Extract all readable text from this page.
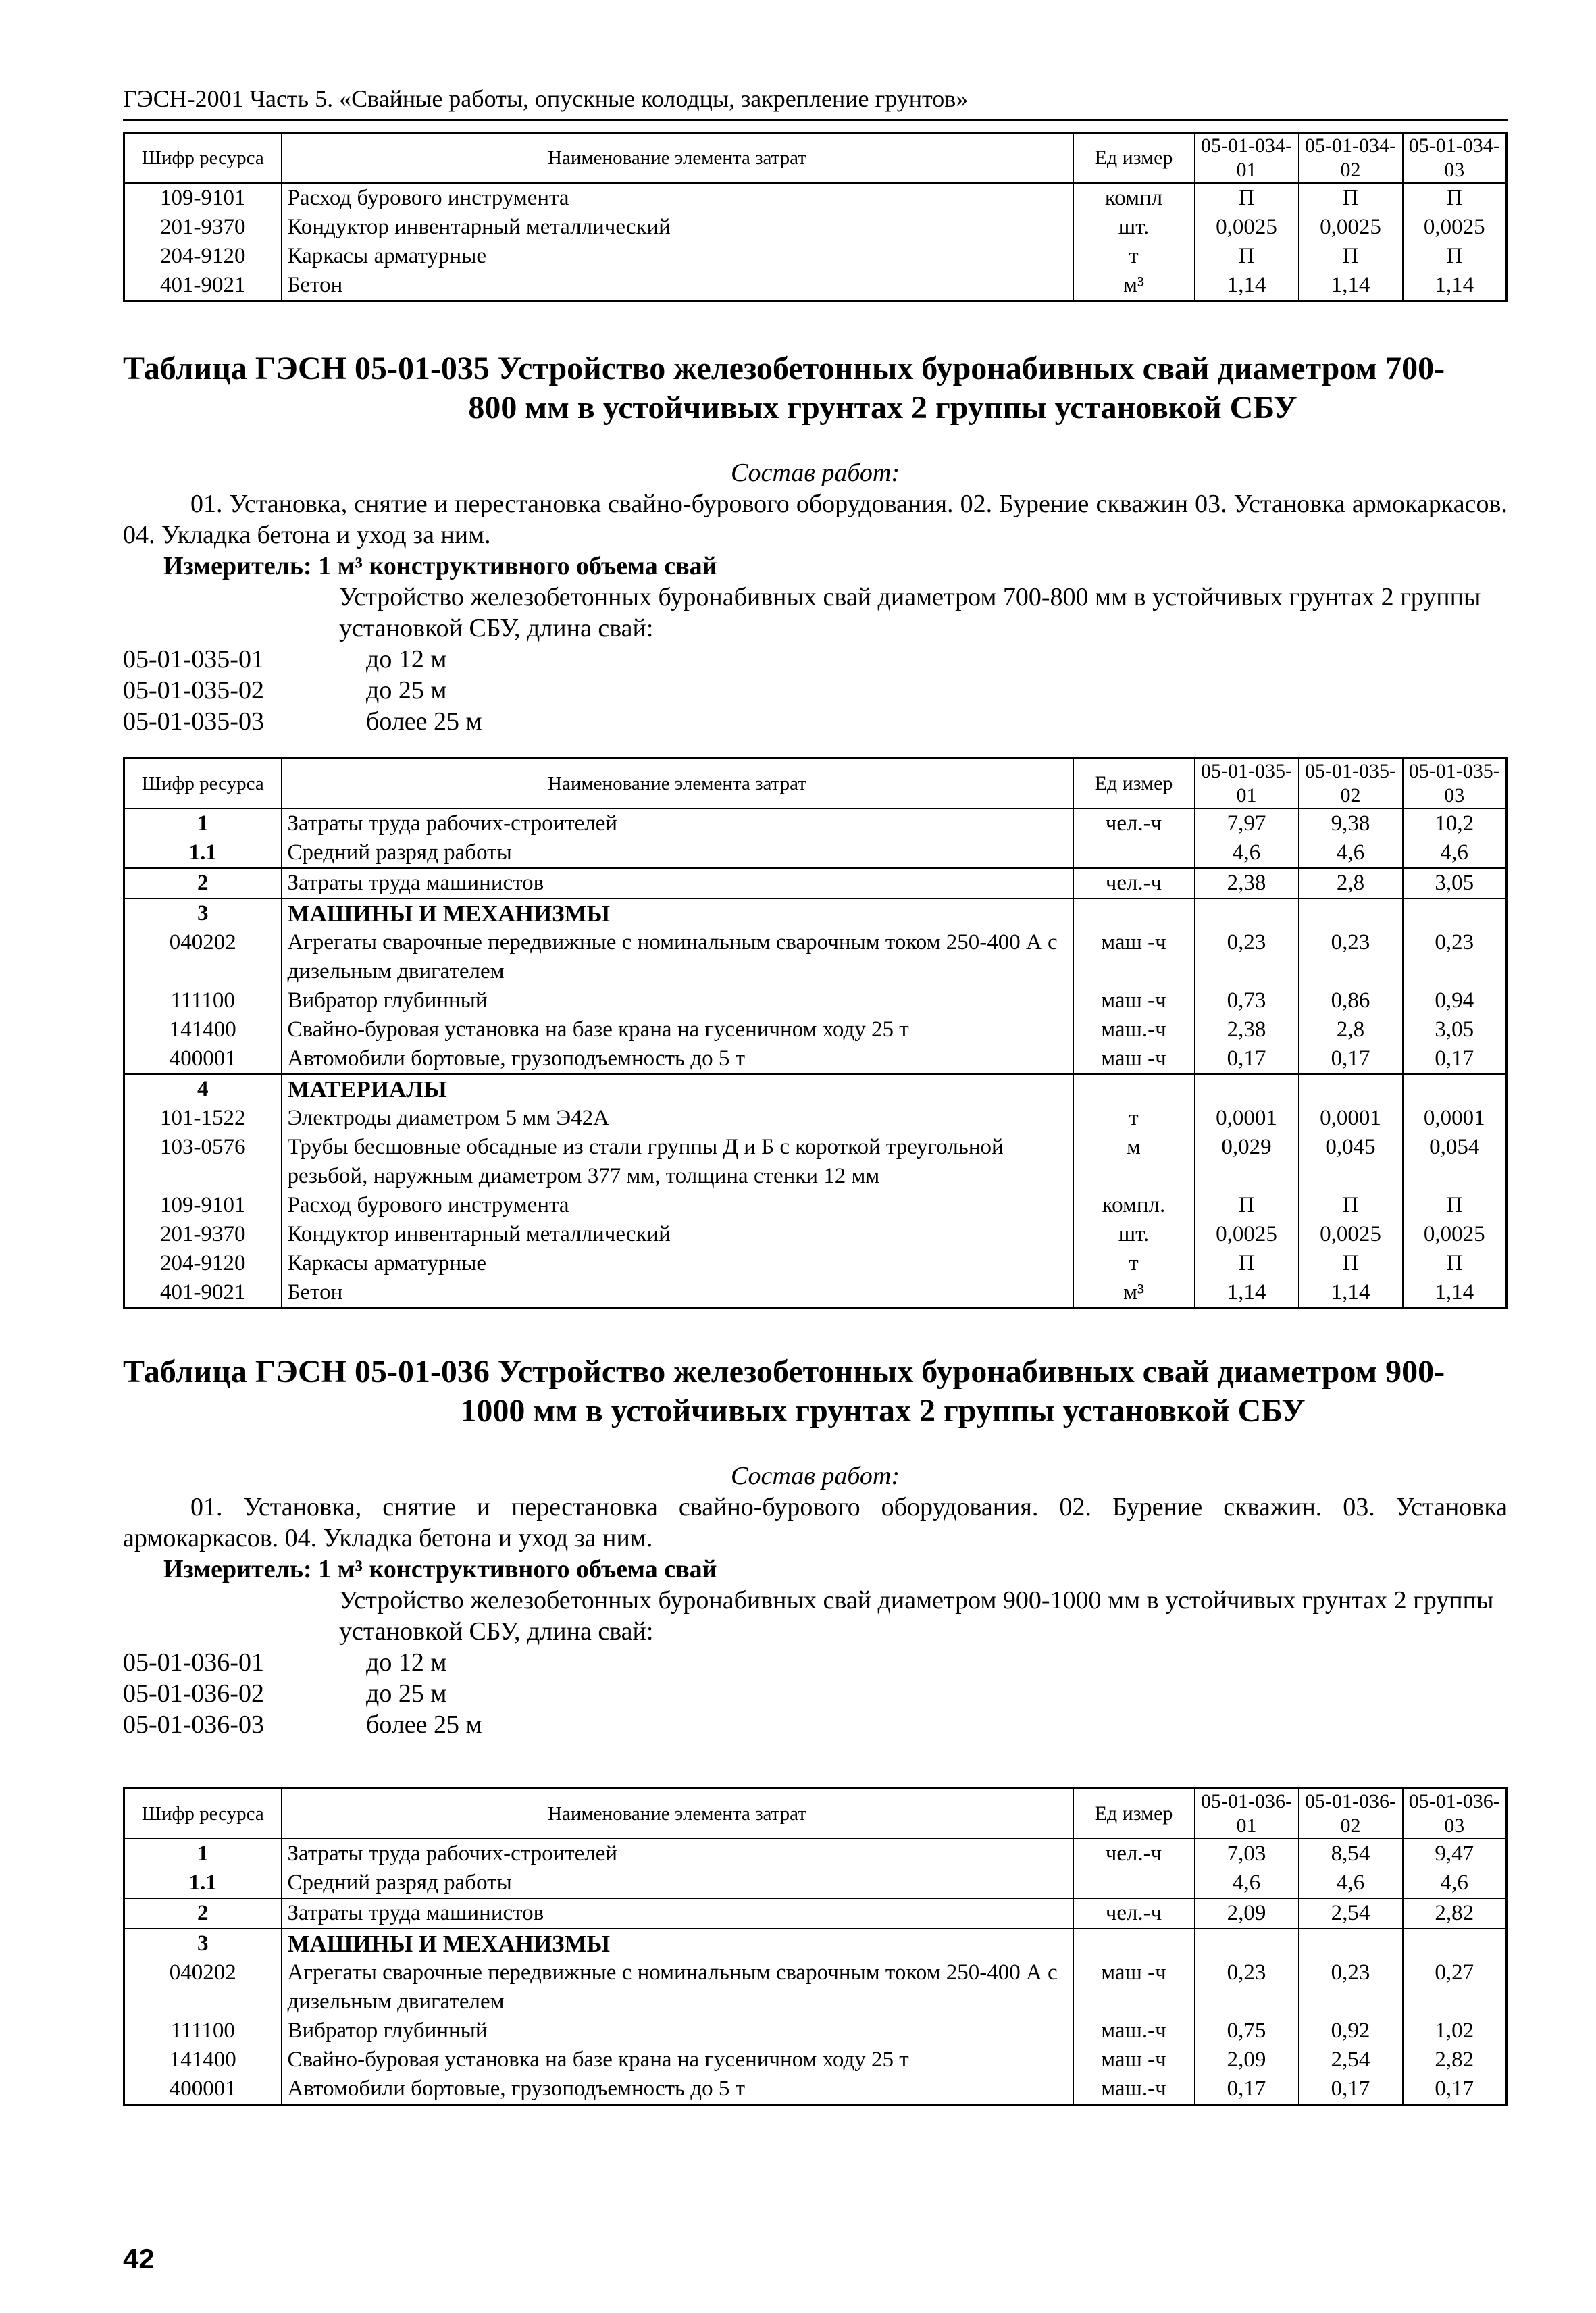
ГЭСН-2001 Часть 5. «Свайные работы, опускные колодцы, закрепление грунтов»
Шифр ресурса	Наименование элемента затрат	Ед измер	05-01-034-01	05-01-034-02	05-01-034-03
109-9101	Расход бурового инструмента	компл	П	П	П
201-9370	Кондуктор инвентарный металлический	шт.	0,0025	0,0025	0,0025
204-9120	Каркасы арматурные	т	П	П	П
401-9021	Бетон	м³	1,14	1,14	1,14
Таблица ГЭСН 05-01-035 Устройство железобетонных буронабивных свай диаметром 700-
800 мм в устойчивых грунтах 2 группы установкой СБУ
Состав работ:
01. Установка, снятие и перестановка свайно-бурового оборудования. 02. Бурение скважин 03. Установка армокаркасов. 04. Укладка бетона и уход за ним.
Измеритель: 1 м³ конструктивного объема свай
Устройство железобетонных буронабивных свай диаметром 700-800 мм в устойчивых грунтах 2 группы установкой СБУ, длина свай:
05-01-035-01	до 12 м
05-01-035-02	до 25 м
05-01-035-03	более 25 м
Шифр ресурса	Наименование элемента затрат	Ед измер	05-01-035-01	05-01-035-02	05-01-035-03
1	Затраты труда рабочих-строителей	чел.-ч	7,97	9,38	10,2
1.1	Средний разряд работы		4,6	4,6	4,6
2	Затраты труда машинистов	чел.-ч	2,38	2,8	3,05
3	МАШИНЫ И МЕХАНИЗМЫ				
040202	Агрегаты сварочные передвижные с номинальным сварочным током 250-400 А с дизельным двигателем	маш -ч	0,23	0,23	0,23
111100	Вибратор глубинный	маш -ч	0,73	0,86	0,94
141400	Свайно-буровая установка на базе крана на гусеничном ходу 25 т	маш.-ч	2,38	2,8	3,05
400001	Автомобили бортовые, грузоподъемность до 5 т	маш -ч	0,17	0,17	0,17
4	МАТЕРИАЛЫ				
101-1522	Электроды диаметром 5 мм Э42А	т	0,0001	0,0001	0,0001
103-0576	Трубы бесшовные обсадные из стали группы Д и Б с короткой треугольной резьбой, наружным диаметром 377 мм, толщина стенки 12 мм	м	0,029	0,045	0,054
109-9101	Расход бурового инструмента	компл.	П	П	П
201-9370	Кондуктор инвентарный металлический	шт.	0,0025	0,0025	0,0025
204-9120	Каркасы арматурные	т	П	П	П
401-9021	Бетон	м³	1,14	1,14	1,14
Таблица ГЭСН 05-01-036 Устройство железобетонных буронабивных свай диаметром 900-
1000 мм в устойчивых грунтах 2 группы установкой СБУ
Состав работ:
01. Установка, снятие и перестановка свайно-бурового оборудования. 02. Бурение скважин. 03. Установка армокаркасов. 04. Укладка бетона и уход за ним.
Измеритель: 1 м³ конструктивного объема свай
Устройство железобетонных буронабивных свай диаметром 900-1000 мм в устойчивых грунтах 2 группы установкой СБУ, длина свай:
05-01-036-01	до 12 м
05-01-036-02	до 25 м
05-01-036-03	более 25 м
Шифр ресурса	Наименование элемента затрат	Ед измер	05-01-036-01	05-01-036-02	05-01-036-03
1	Затраты труда рабочих-строителей	чел.-ч	7,03	8,54	9,47
1.1	Средний разряд работы		4,6	4,6	4,6
2	Затраты труда машинистов	чел.-ч	2,09	2,54	2,82
3	МАШИНЫ И МЕХАНИЗМЫ				
040202	Агрегаты сварочные передвижные с номинальным сварочным током 250-400 А с дизельным двигателем	маш -ч	0,23	0,23	0,27
111100	Вибратор глубинный	маш.-ч	0,75	0,92	1,02
141400	Свайно-буровая установка на базе крана на гусеничном ходу 25 т	маш -ч	2,09	2,54	2,82
400001	Автомобили бортовые, грузоподъемность до 5 т	маш.-ч	0,17	0,17	0,17
42
